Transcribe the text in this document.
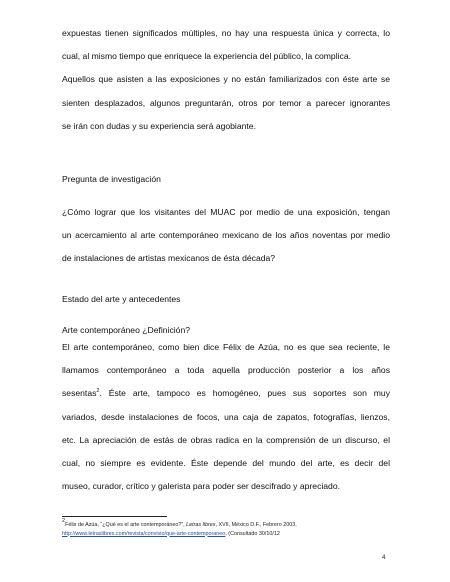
expuestas tienen significados múltiples, no hay una respuesta única y correcta, lo
cual, al mismo tiempo que enriquece la experiencia del público, la complica.
Aquellos que asisten a las exposiciones y no están familiarizados con éste arte se
sienten desplazados, algunos preguntarán, otros por temor a parecer ignorantes
se irán con dudas y su experiencia será agobiante.

Pregunta de investigación

¿Cómo lograr que los visitantes del MUAC por medio de una exposición, tengan
un acercamiento al arte contemporáneo mexicano de los años noventas por medio
de instalaciones de artistas mexicanos de ésta década?

Estado del arte y antecedentes

Arte contemporáneo ¿Definición?

El arte contemporáneo, como bien dice Félix de Azúa, no es que sea reciente, le
llamamos contemporáneo a toda aquella producción posterior a los años
sesentas$^2$. Éste arte, tampoco es homogéneo, pues sus soportes son muy
variados, desde instalaciones de focos, una caja de zapatos, fotografías, lienzos,
etc. La apreciación de estás de obras radica en la comprensión de un discurso, el
cual, no siempre es evidente. Éste depende del mundo del arte, es decir del
museo, curador, crítico y galerista para poder ser descifrado y apreciado.
$^2$Félix de Azúa, “¿Qué es el arte contemporáneo?”, Letras libres, XVII, México D.F., Febrero 2003,
http://www.letraslibres.com/revista/convivio/que-arte-contemporaneo, (Consultado 30/10/12
4
